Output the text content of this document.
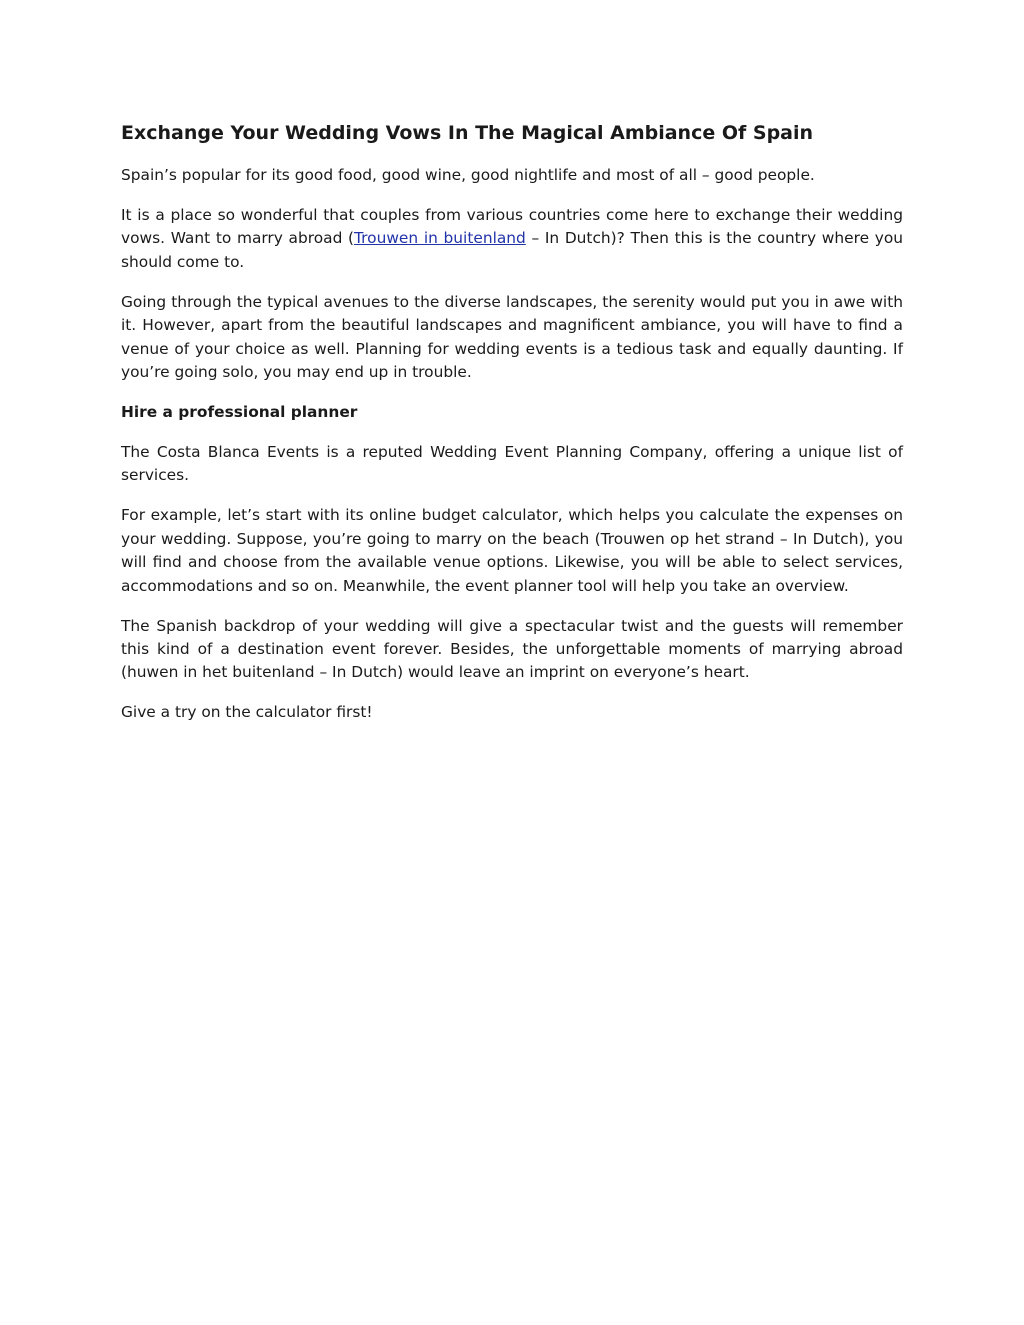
Exchange Your Wedding Vows In The Magical Ambiance Of Spain

Spain’s popular for its good food, good wine, good nightlife and most of all – good people.

It is a place so wonderful that couples from various countries come here to exchange their wedding vows. Want to marry abroad (Trouwen in buitenland – In Dutch)? Then this is the country where you should come to.

Going through the typical avenues to the diverse landscapes, the serenity would put you in awe with it. However, apart from the beautiful landscapes and magnificent ambiance, you will have to find a venue of your choice as well. Planning for wedding events is a tedious task and equally daunting. If you’re going solo, you may end up in trouble.

Hire a professional planner

The Costa Blanca Events is a reputed Wedding Event Planning Company, offering a unique list of services.

For example, let’s start with its online budget calculator, which helps you calculate the expenses on your wedding. Suppose, you’re going to marry on the beach (Trouwen op het strand – In Dutch), you will find and choose from the available venue options. Likewise, you will be able to select services, accommodations and so on. Meanwhile, the event planner tool will help you take an overview.

The Spanish backdrop of your wedding will give a spectacular twist and the guests will remember this kind of a destination event forever. Besides, the unforgettable moments of marrying abroad (huwen in het buitenland – In Dutch) would leave an imprint on everyone’s heart.

Give a try on the calculator first!
